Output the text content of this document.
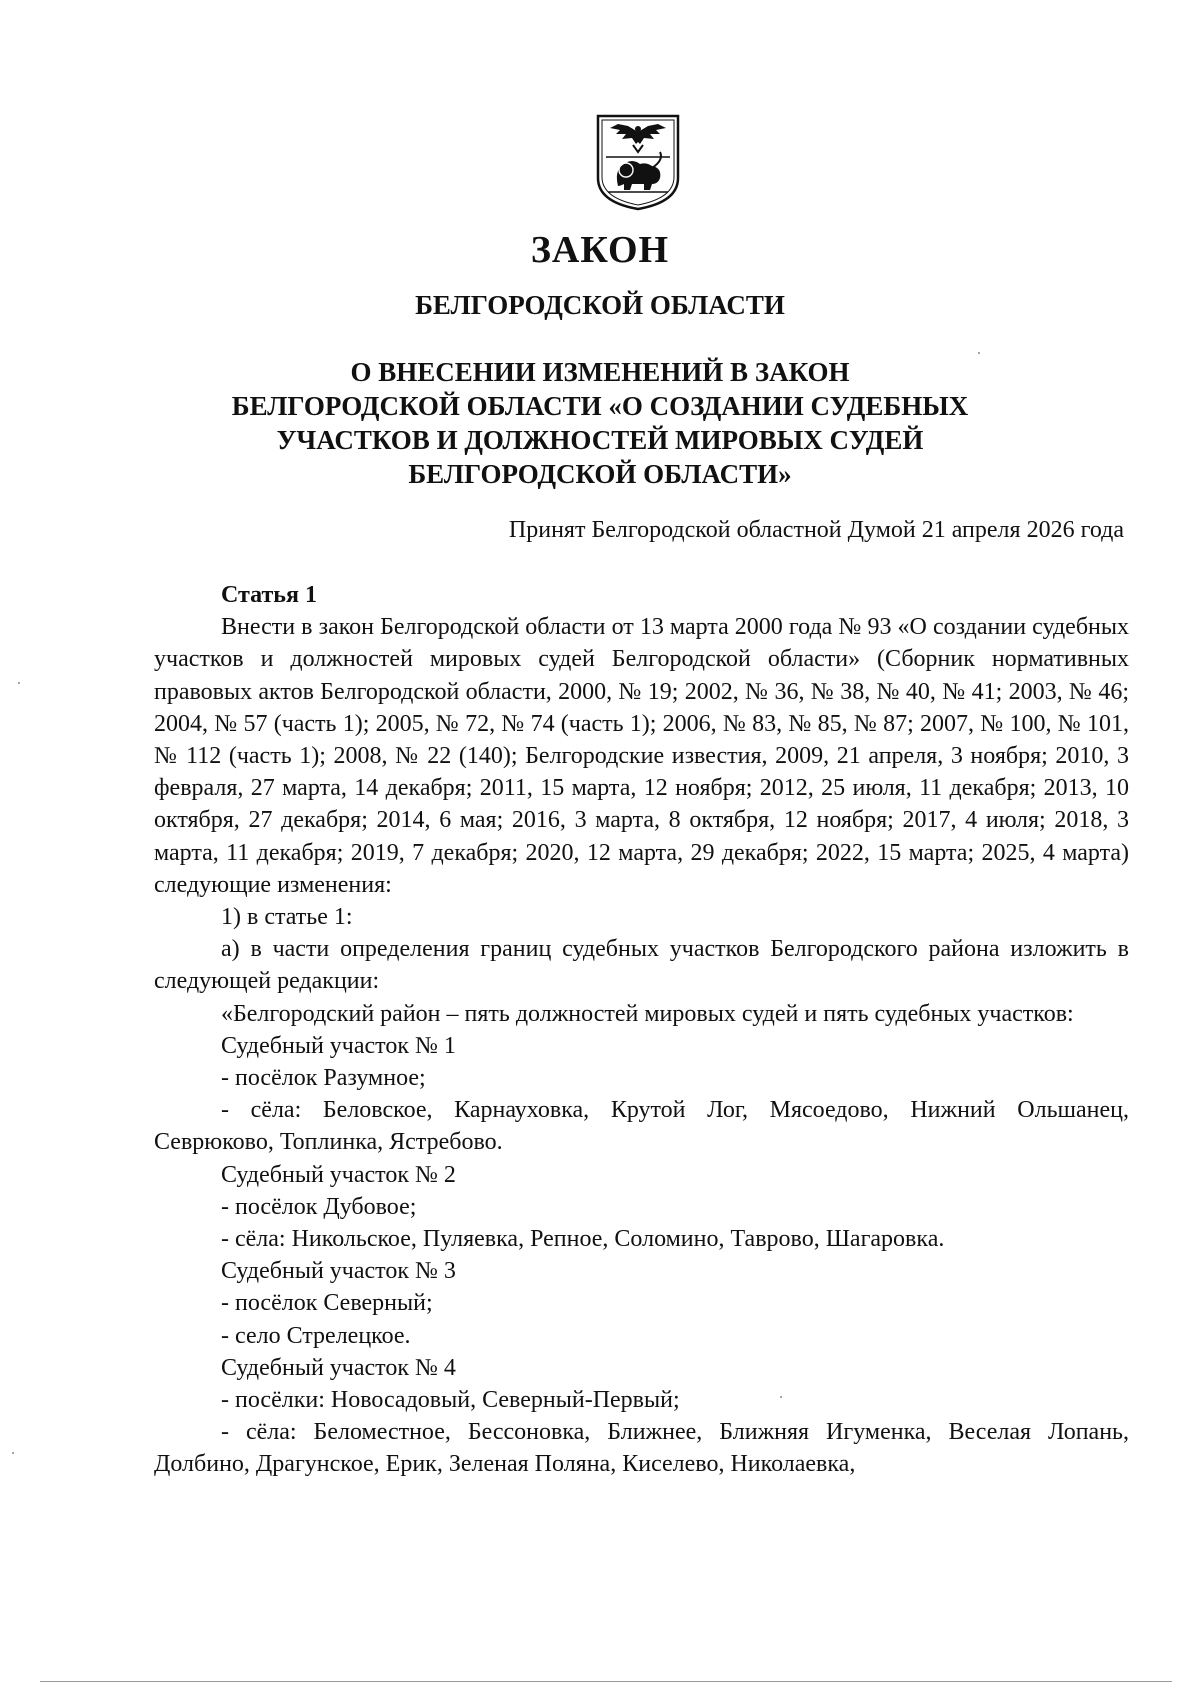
ЗАКОН
БЕЛГОРОДСКОЙ ОБЛАСТИ
О ВНЕСЕНИИ ИЗМЕНЕНИЙ В ЗАКОН
БЕЛГОРОДСКОЙ ОБЛАСТИ «О СОЗДАНИИ СУДЕБНЫХ
УЧАСТКОВ И ДОЛЖНОСТЕЙ МИРОВЫХ СУДЕЙ
БЕЛГОРОДСКОЙ ОБЛАСТИ»
Принят Белгородской областной Думой 21 апреля 2026 года

Статья 1

Внести в закон Белгородской области от 13 марта 2000 года № 93 «О создании судебных участков и должностей мировых судей Белгородской области» (Сборник нормативных правовых актов Белгородской области, 2000, № 19; 2002, № 36, № 38, № 40, № 41; 2003, № 46; 2004, № 57 (часть 1); 2005, № 72, № 74 (часть 1); 2006, № 83, № 85, № 87; 2007, № 100, № 101, № 112 (часть 1); 2008, № 22 (140); Белгородские известия, 2009, 21 апреля, 3 ноября; 2010, 3 февраля, 27 марта, 14 декабря; 2011, 15 марта, 12 ноября; 2012, 25 июля, 11 декабря; 2013, 10 октября, 27 декабря; 2014, 6 мая; 2016, 3 марта, 8 октября, 12 ноября; 2017, 4 июля; 2018, 3 марта, 11 декабря; 2019, 7 декабря; 2020, 12 марта, 29 декабря; 2022, 15 марта; 2025, 4 марта) следующие изменения:

1) в статье 1:

а) в части определения границ судебных участков Белгородского района изложить в следующей редакции:

«Белгородский район – пять должностей мировых судей и пять судебных участков:

Судебный участок № 1

- посёлок Разумное;

- сёла: Беловское, Карнауховка, Крутой Лог, Мясоедово, Нижний Ольшанец, Севрюково, Топлинка, Ястребово.

Судебный участок № 2

- посёлок Дубовое;

- сёла: Никольское, Пуляевка, Репное, Соломино, Таврово, Шагаровка.

Судебный участок № 3

- посёлок Северный;

- село Стрелецкое.

Судебный участок № 4

- посёлки: Новосадовый, Северный-Первый;

- сёла: Беломестное, Бессоновка, Ближнее, Ближняя Игуменка, Веселая Лопань, Долбино, Драгунское, Ерик, Зеленая Поляна, Киселево, Николаевка,
